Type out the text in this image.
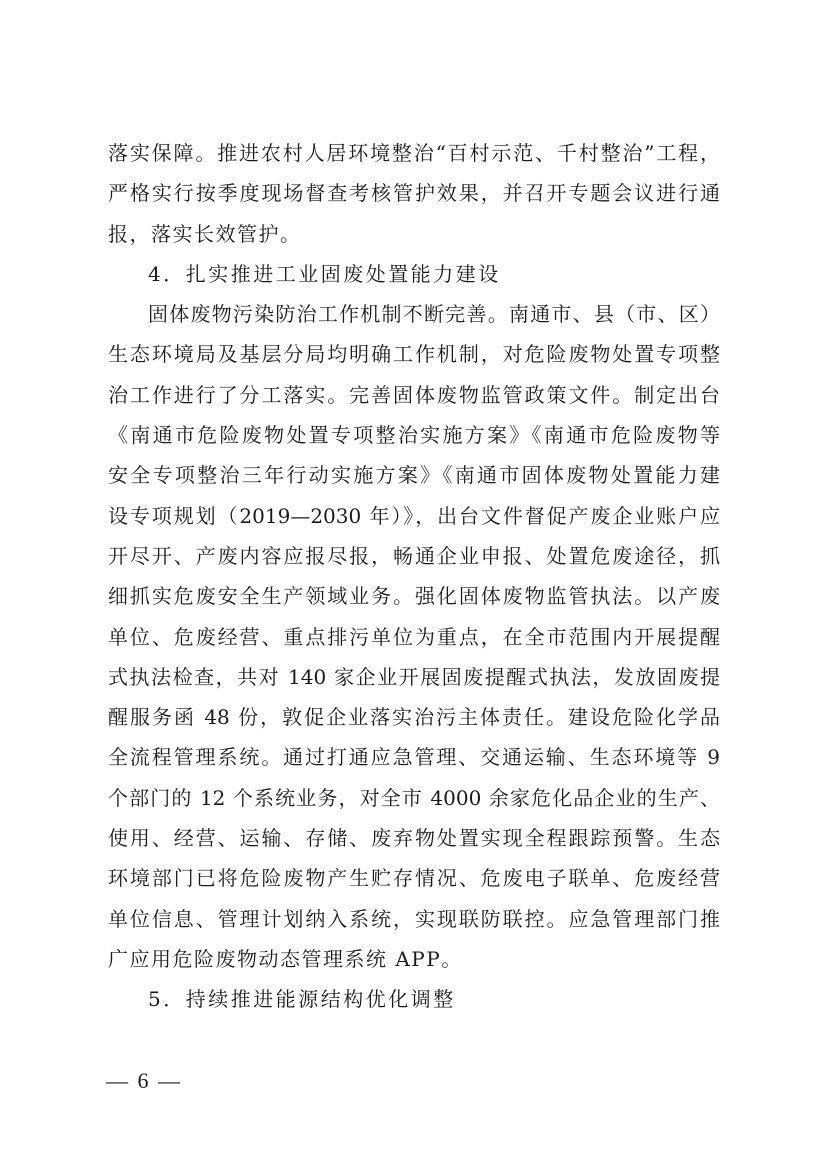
落实保障。推进农村人居环境整治“百村示范、千村整治”工程，
严格实行按季度现场督查考核管护效果，并召开专题会议进行通
报，落实长效管护。
4．扎实推进工业固废处置能力建设
固体废物污染防治工作机制不断完善。南通市、县（市、区）
生态环境局及基层分局均明确工作机制，对危险废物处置专项整
治工作进行了分工落实。完善固体废物监管政策文件。制定出台
《南通市危险废物处置专项整治实施方案》《南通市危险废物等
安全专项整治三年行动实施方案》《南通市固体废物处置能力建
设专项规划（2019—2030 年）》，出台文件督促产废企业账户应
开尽开、产废内容应报尽报，畅通企业申报、处置危废途径，抓
细抓实危废安全生产领域业务。强化固体废物监管执法。以产废
单位、危废经营、重点排污单位为重点，在全市范围内开展提醒
式执法检查，共对 140 家企业开展固废提醒式执法，发放固废提
醒服务函 48 份，敦促企业落实治污主体责任。建设危险化学品
全流程管理系统。通过打通应急管理、交通运输、生态环境等 9
个部门的 12 个系统业务，对全市 4000 余家危化品企业的生产、
使用、经营、运输、存储、废弃物处置实现全程跟踪预警。生态
环境部门已将危险废物产生贮存情况、危废电子联单、危废经营
单位信息、管理计划纳入系统，实现联防联控。应急管理部门推
广应用危险废物动态管理系统 APP。
5．持续推进能源结构优化调整
— 6 —
